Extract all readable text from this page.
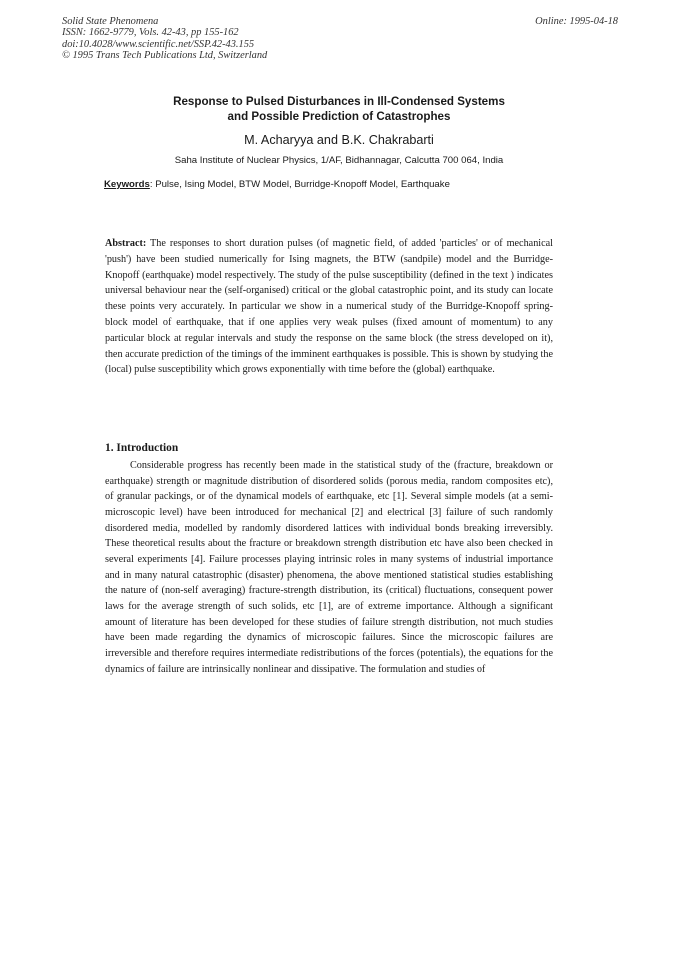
Solid State Phenomena
ISSN: 1662-9779, Vols. 42-43, pp 155-162
doi:10.4028/www.scientific.net/SSP.42-43.155
© 1995 Trans Tech Publications Ltd, Switzerland
Online: 1995-04-18
Response to Pulsed Disturbances in Ill-Condensed Systems
and Possible Prediction of Catastrophes
M. Acharyya and B.K. Chakrabarti
Saha Institute of Nuclear Physics, 1/AF, Bidhannagar, Calcutta 700 064, India
Keywords: Pulse, Ising Model, BTW Model, Burridge-Knopoff Model, Earthquake
Abstract: The responses to short duration pulses (of magnetic field, of added 'particles' or of mechanical 'push') have been studied numerically for Ising magnets, the BTW (sandpile) model and the Burridge-Knopoff (earthquake) model respectively. The study of the pulse susceptibility (defined in the text ) indicates universal behaviour near the (self-organised) critical or the global catastrophic point, and its study can locate these points very accurately. In particular we show in a numerical study of the Burridge-Knopoff spring-block model of earthquake, that if one applies very weak pulses (fixed amount of momentum) to any particular block at regular intervals and study the response on the same block (the stress developed on it), then accurate prediction of the timings of the imminent earthquakes is possible. This is shown by studying the (local) pulse susceptibility which grows exponentially with time before the (global) earthquake.
1. Introduction
Considerable progress has recently been made in the statistical study of the (fracture, breakdown or earthquake) strength or magnitude distribution of disordered solids (porous media, random composites etc), of granular packings, or of the dynamical models of earthquake, etc [1]. Several simple models (at a semi-microscopic level) have been introduced for mechanical [2] and electrical [3] failure of such randomly disordered media, modelled by randomly disordered lattices with individual bonds breaking irreversibly. These theoretical results about the fracture or breakdown strength distribution etc have also been checked in several experiments [4]. Failure processes playing intrinsic roles in many systems of industrial importance and in many natural catastrophic (disaster) phenomena, the above mentioned statistical studies establishing the nature of (non-self averaging) fracture-strength distribution, its (critical) fluctuations, consequent power laws for the average strength of such solids, etc [1], are of extreme importance. Although a significant amount of literature has been developed for these studies of failure strength distribution, not much studies have been made regarding the dynamics of microscopic failures. Since the microscopic failures are irreversible and therefore requires intermediate redistributions of the forces (potentials), the equations for the dynamics of failure are intrinsically nonlinear and dissipative. The formulation and studies of
